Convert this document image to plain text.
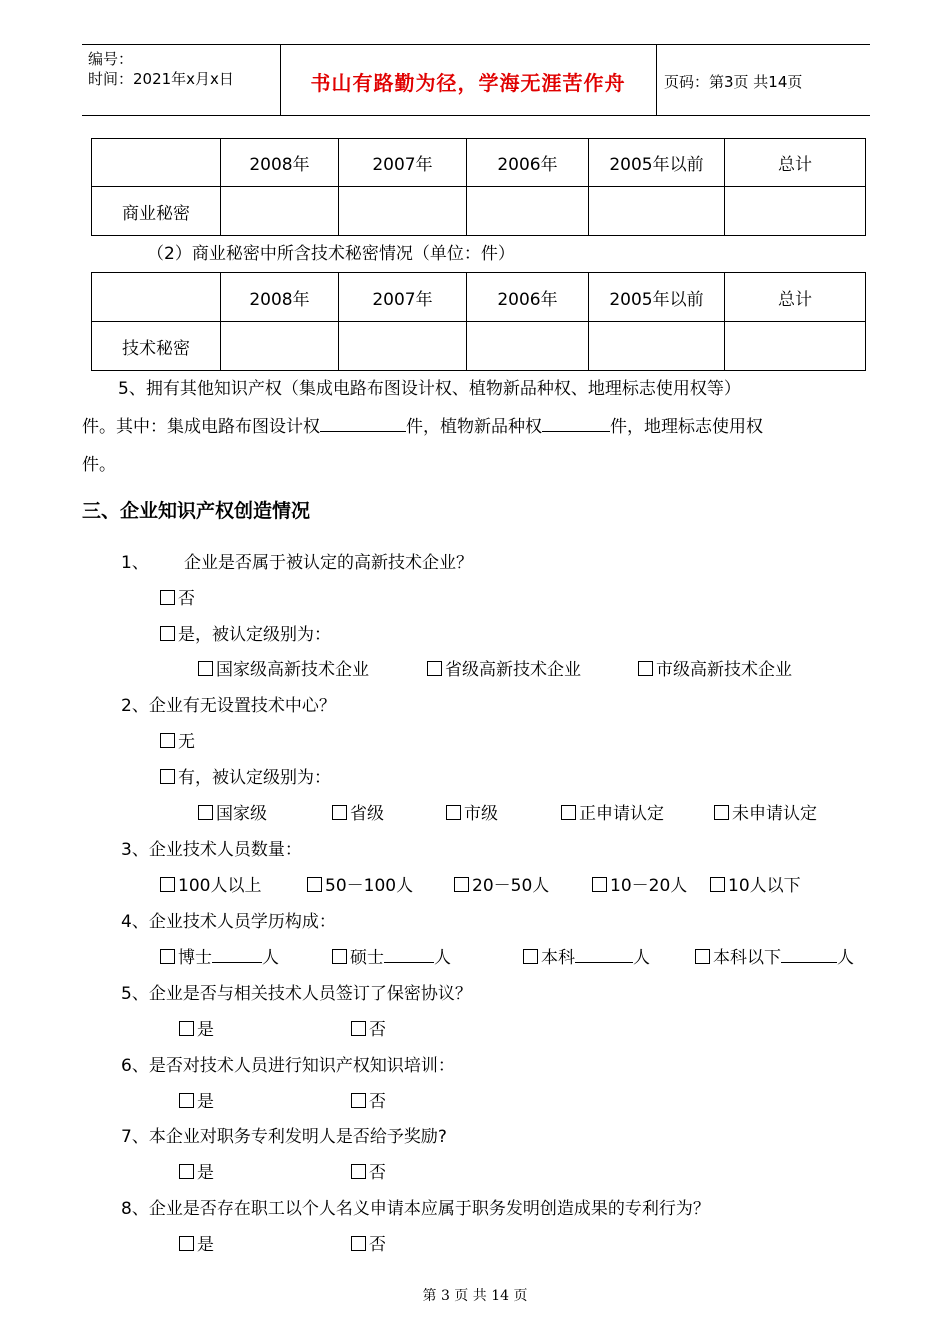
编号：
时间：2021年x月x日	书山有路勤为径，学海无涯苦作舟	页码：第3页 共14页
	2008年	2007年	2006年	2005年以前	总计
商业秘密					
（2）商业秘密中所含技术秘密情况（单位：件）
	2008年	2007年	2006年	2005年以前	总计
技术秘密					
5、拥有其他知识产权（集成电路布图设计权、植物新品种权、地理标志使用权等）
件。其中：集成电路布图设计权	件，植物新品种权	件，地理标志使用权
件。
三、企业知识产权创造情况
1、 企业是否属于被认定的高新技术企业？
否
是，被认定级别为：
国家级高新技术企业	省级高新技术企业	市级高新技术企业
2、企业有无设置技术中心？
无
有，被认定级别为：
国家级	省级	市级	正申请认定	未申请认定
3、企业技术人员数量：
100人以上	50－100人	20－50人	10－20人	10人以下
4、企业技术人员学历构成：
博士	人	硕士	人	本科	人	本科以下	人
5、企业是否与相关技术人员签订了保密协议？
是	否
6、是否对技术人员进行知识产权知识培训：
是	否
7、本企业对职务专利发明人是否给予奖励?
是	否
8、企业是否存在职工以个人名义申请本应属于职务发明创造成果的专利行为？
是	否
第 3 页 共 14 页
